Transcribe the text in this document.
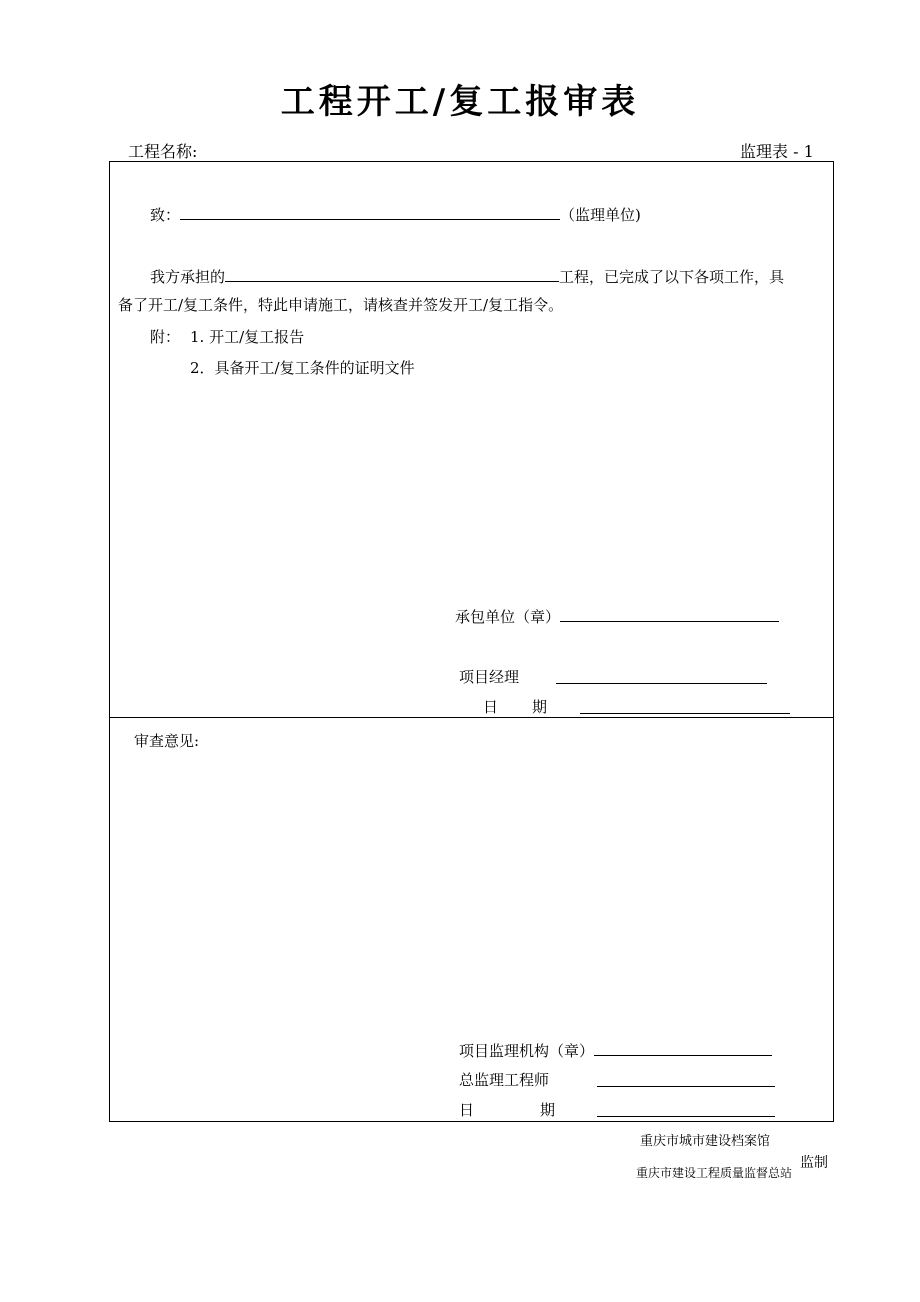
工程开工/复工报审表
工程名称:	监理表 - 1
致：	（监理单位)
我方承担的	工程，已完成了以下各项工作，具
备了开工/复工条件，特此申请施工，请核查并签发开工/复工指令。
附： 1. 开工/复工报告
2．具备开工/复工条件的证明文件
承包单位（章）
项目经理
日 期
审查意见:
项目监理机构（章）
总监理工程师
日	期
重庆市城市建设档案馆
重庆市建设工程质量监督总站
监制
